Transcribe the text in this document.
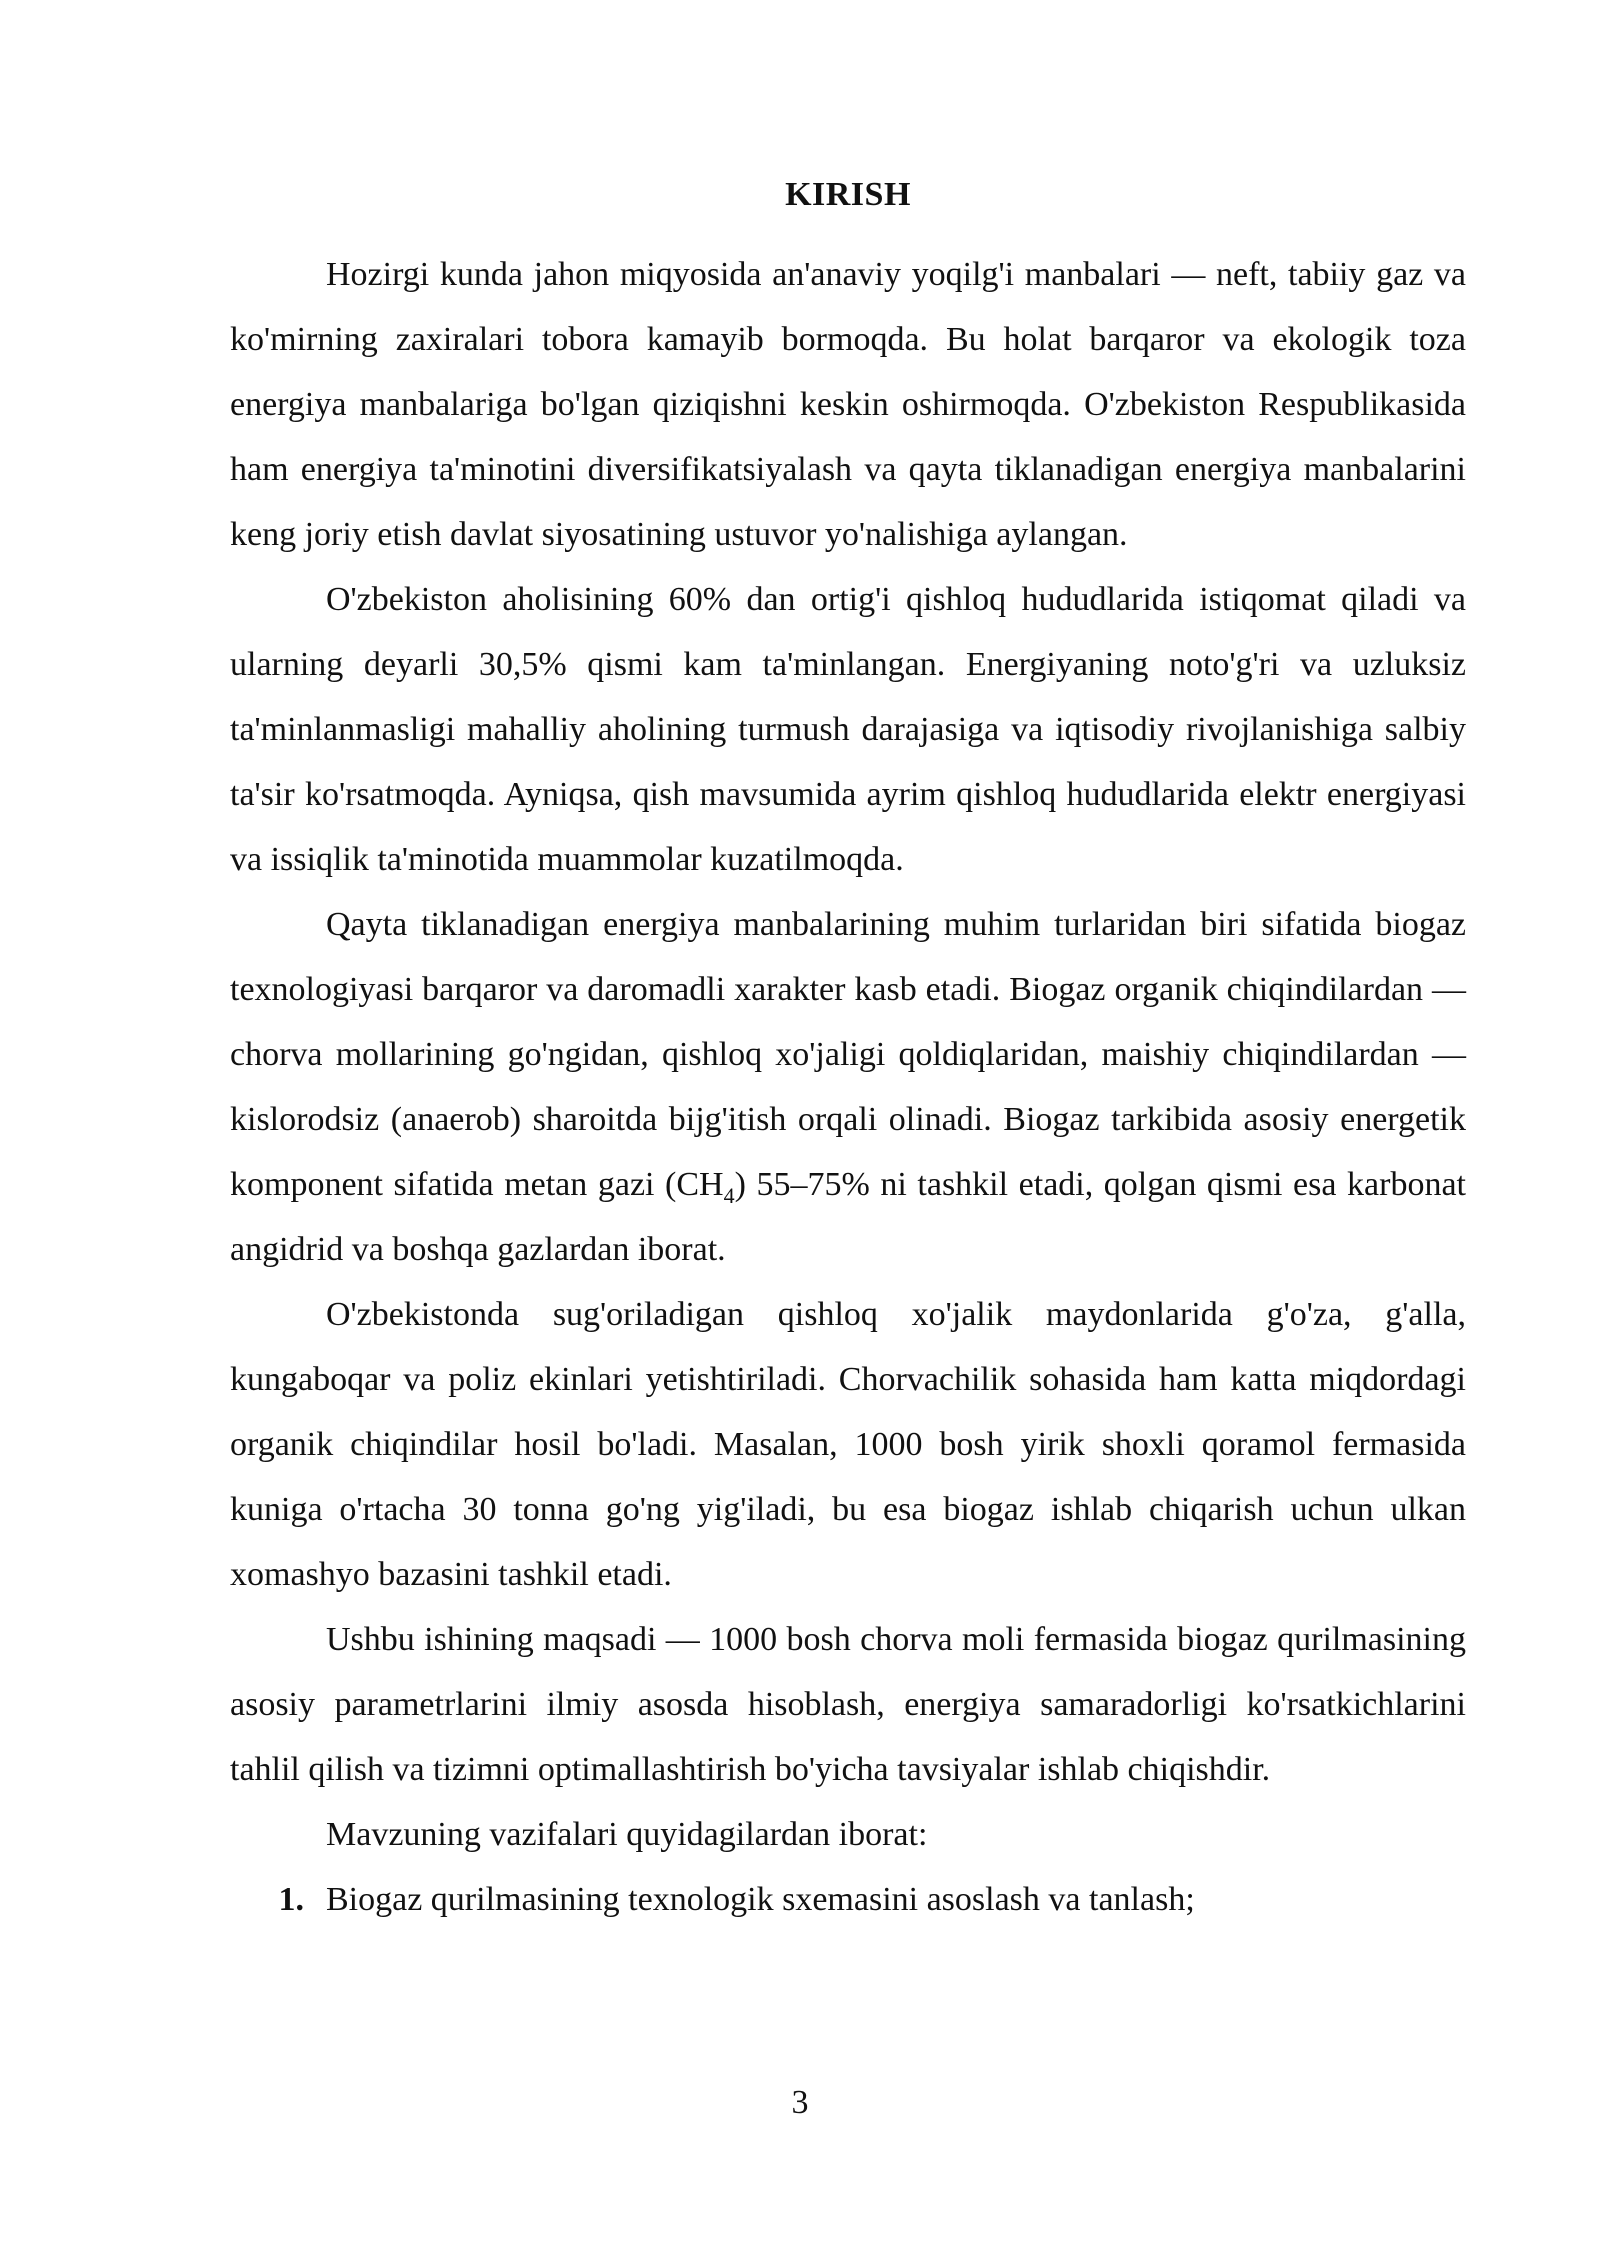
KIRISH

Hozirgi kunda jahon miqyosida an'anaviy yoqilg'i manbalari — neft, tabiiy gaz va ko'mirning zaxiralari tobora kamayib bormoqda. Bu holat barqaror va ekologik toza energiya manbalariga bo'lgan qiziqishni keskin oshirmoqda. O'zbekiston Respublikasida ham energiya ta'minotini diversifikatsiyalash va qayta tiklanadigan energiya manbalarini keng joriy etish davlat siyosatining ustuvor yo'nalishiga aylangan.

O'zbekiston aholisining 60% dan ortig'i qishloq hududlarida istiqomat qiladi va ularning deyarli 30,5% qismi kam ta'minlangan. Energiyaning noto'g'ri va uzluksiz ta'minlanmasligi mahalliy aholining turmush darajasiga va iqtisodiy rivojlanishiga salbiy ta'sir ko'rsatmoqda. Ayniqsa, qish mavsumida ayrim qishloq hududlarida elektr energiyasi va issiqlik ta'minotida muammolar kuzatilmoqda.

Qayta tiklanadigan energiya manbalarining muhim turlaridan biri sifatida biogaz texnologiyasi barqaror va daromadli xarakter kasb etadi. Biogaz organik chiqindilardan — chorva mollarining go'ngidan, qishloq xo'jaligi qoldiqlaridan, maishiy chiqindilardan — kislorodsiz (anaerob) sharoitda bijg'itish orqali olinadi. Biogaz tarkibida asosiy energetik komponent sifatida metan gazi $(CH_4)$ 55–75% ni tashkil etadi, qolgan qismi esa karbonat angidrid va boshqa gazlardan iborat.

O'zbekistonda sug'oriladigan qishloq xo'jalik maydonlarida g'o'za, g'alla, kungaboqar va poliz ekinlari yetishtiriladi. Chorvachilik sohasida ham katta miqdordagi organik chiqindilar hosil bo'ladi. Masalan, 1000 bosh yirik shoxli qoramol fermasida kuniga o'rtacha 30 tonna go'ng yig'iladi, bu esa biogaz ishlab chiqarish uchun ulkan xomashyo bazasini tashkil etadi.

Ushbu ishining maqsadi — 1000 bosh chorva moli fermasida biogaz qurilmasining asosiy parametrlarini ilmiy asosda hisoblash, energiya samaradorligi ko'rsatkichlarini tahlil qilish va tizimni optimallashtirish bo'yicha tavsiyalar ishlab chiqishdir.

Mavzuning vazifalari quyidagilardan iborat:

1. Biogaz qurilmasining texnologik sxemasini asoslash va tanlash;
3
